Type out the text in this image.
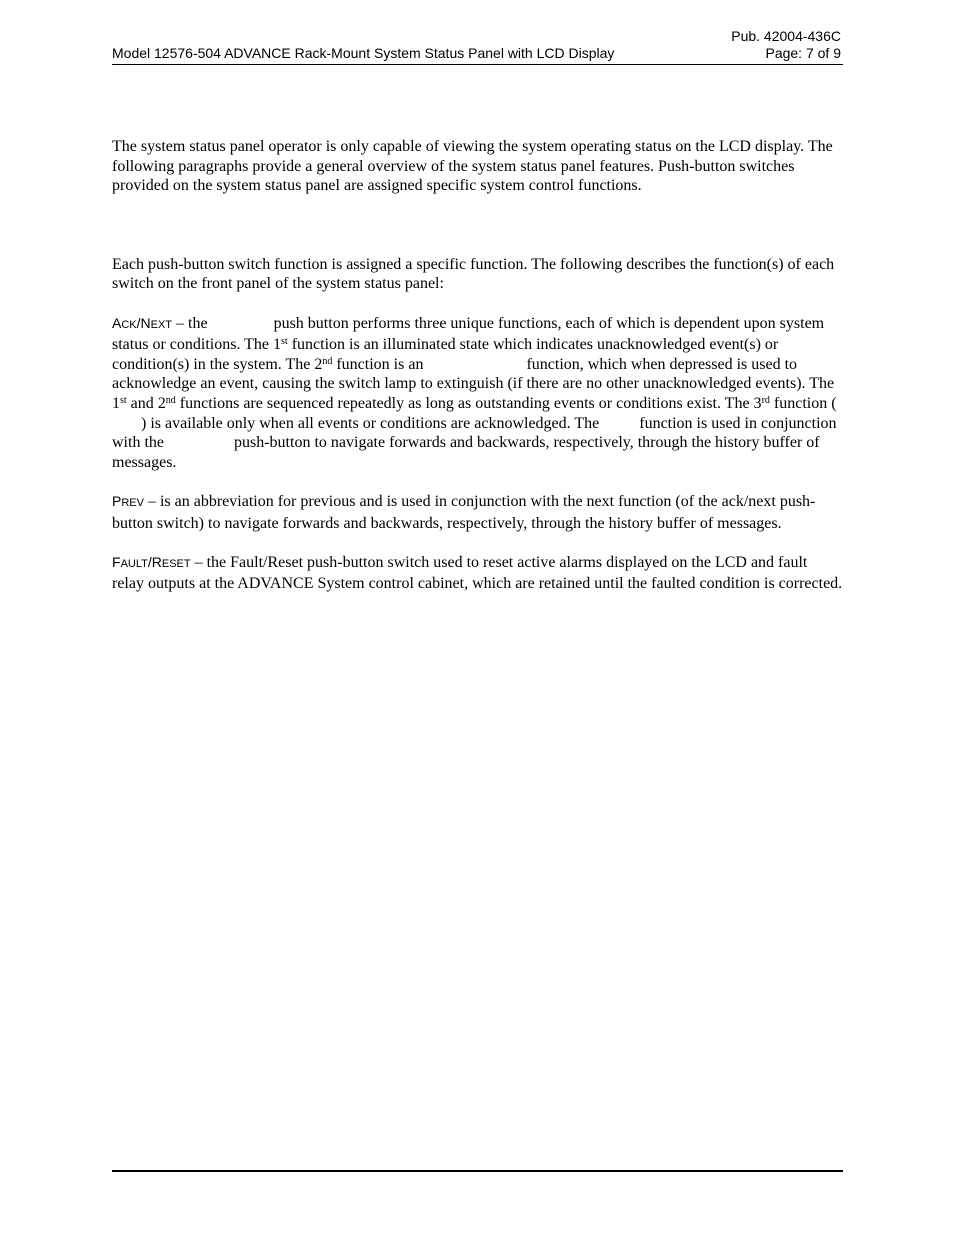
Pub. 42004-436C
Model 12576-504 ADVANCE Rack-Mount System Status Panel with LCD Display	Page: 7 of 9

The system status panel operator is only capable of viewing the system operating status on the LCD display. The following paragraphs provide a general overview of the system status panel features. Push-button switches provided on the system status panel are assigned specific system control functions.

Each push-button switch function is assigned a specific function. The following describes the function(s) of each switch on the front panel of the system status panel:

ACK/NEXT – the	push button performs three unique functions, each of which is dependent upon system status or conditions. The 1st function is an illuminated state which indicates unacknowledged event(s) or condition(s) in the system. The 2nd function is an	function, which when depressed is used to acknowledge an event, causing the switch lamp to extinguish (if there are no other unacknowledged events). The 1st and 2nd functions are sequenced repeatedly as long as outstanding events or conditions exist. The 3rd function () is available only when all events or conditions are acknowledged. The  function is used in conjunction with the	push-button to navigate forwards and backwards, respectively, through the history buffer of messages.

PREV – is an abbreviation for previous and is used in conjunction with the next function (of the ack/next push-button switch) to navigate forwards and backwards, respectively, through the history buffer of messages.

FAULT/RESET – the Fault/Reset push-button switch used to reset active alarms displayed on the LCD and fault relay outputs at the ADVANCE System control cabinet, which are retained until the faulted condition is corrected.
